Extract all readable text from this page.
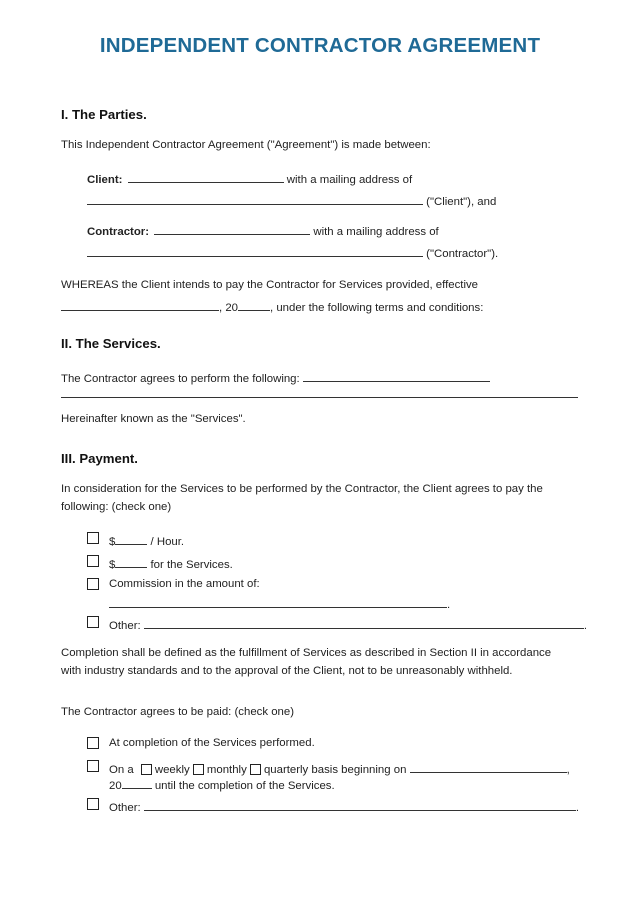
INDEPENDENT CONTRACTOR AGREEMENT
I. The Parties.
This Independent Contractor Agreement ("Agreement") is made between:
Client:	with a mailing address of
("Client"), and
Contractor:	with a mailing address of
("Contractor").
WHEREAS the Client intends to pay the Contractor for Services provided, effective
, 20	, under the following terms and conditions:
II. The Services.
The Contractor agrees to perform the following:
Hereinafter known as the "Services".
III. Payment.
In consideration for the Services to be performed by the Contractor, the Client agrees to pay the
following: (check one)
$	/ Hour.
$	for the Services.
Commission in the amount of:
.
Other:	.
Completion shall be defined as the fulfillment of Services as described in Section II in accordance
with industry standards and to the approval of the Client, not to be unreasonably withheld.
The Contractor agrees to be paid: (check one)
At completion of the Services performed.
On a weekly monthly quarterly basis beginning on	,
20	until the completion of the Services.
Other:	.
